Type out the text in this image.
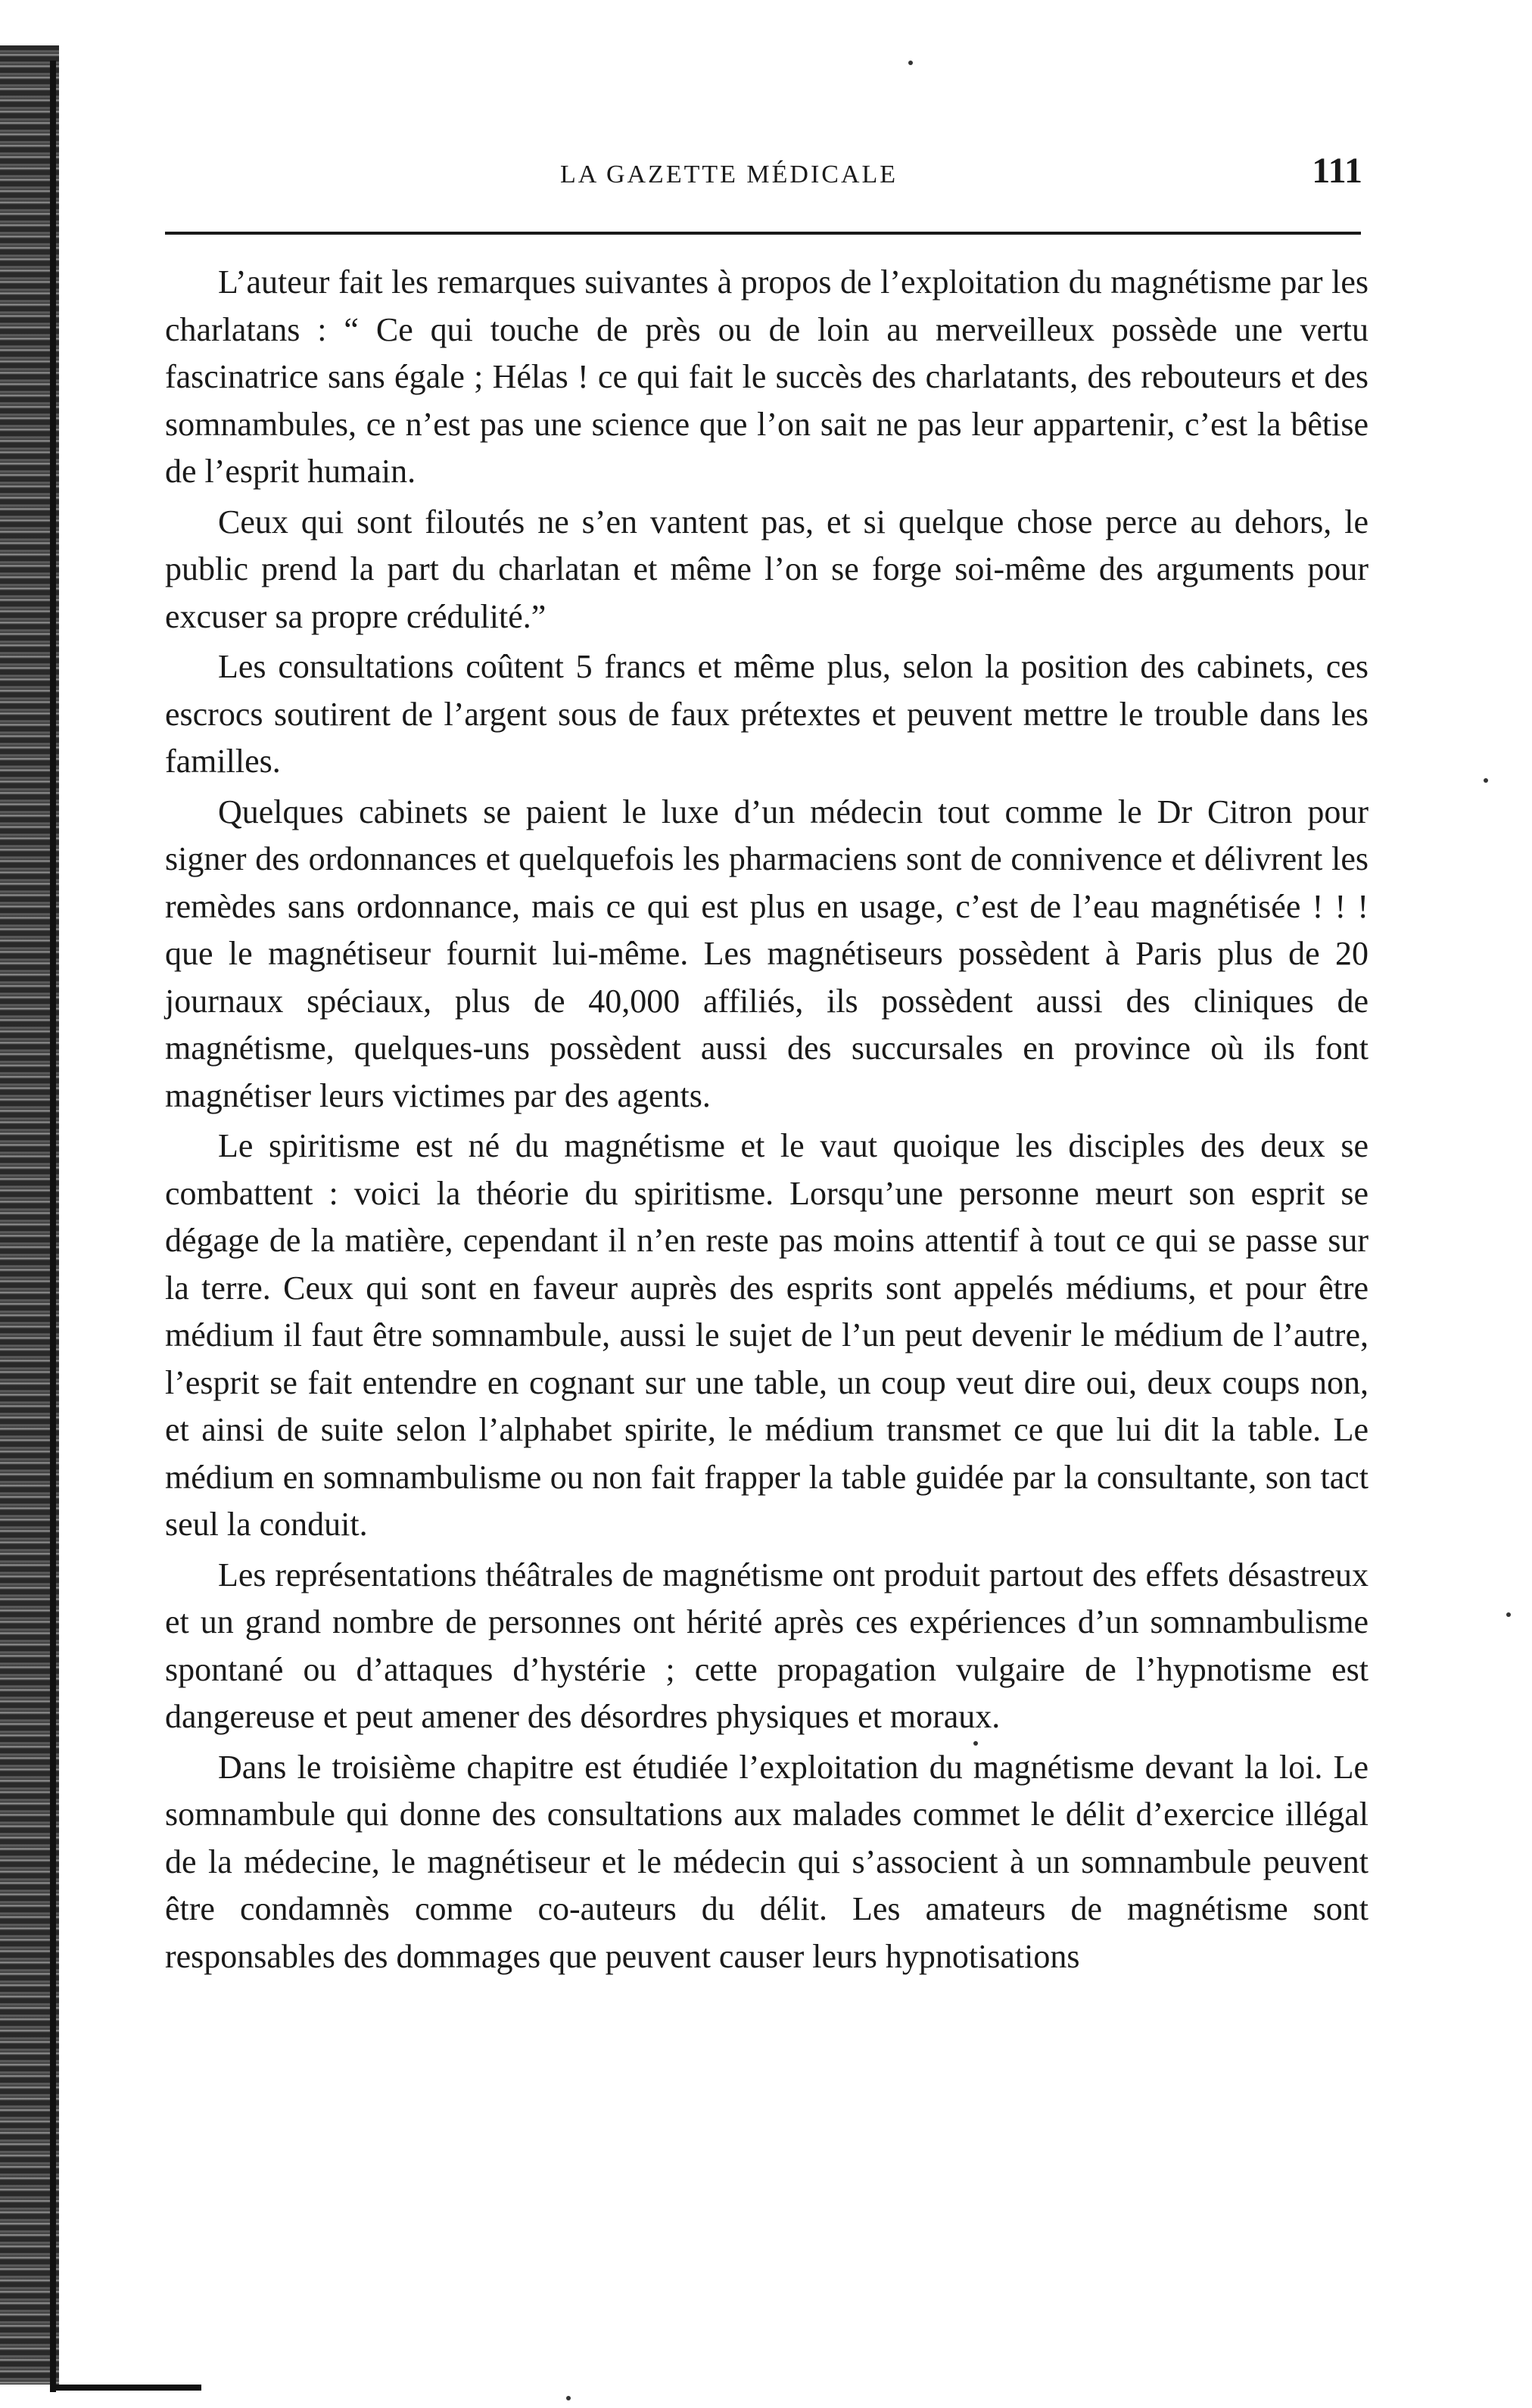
LA GAZETTE MÉDICALE	111

L’auteur fait les remarques suivantes à propos de l’exploitation du magnétisme par les charlatans : “ Ce qui touche de près ou de loin au merveilleux possède une vertu fascinatrice sans égale ; Hélas ! ce qui fait le succès des charlatants, des rebouteurs et des somnambules, ce n’est pas une science que l’on sait ne pas leur appartenir, c’est la bêtise de l’esprit humain.

Ceux qui sont filoutés ne s’en vantent pas, et si quelque chose perce au dehors, le public prend la part du charlatan et même l’on se forge soi-même des arguments pour excuser sa propre crédulité.”

Les consultations coûtent 5 francs et même plus, selon la position des cabinets, ces escrocs soutirent de l’argent sous de faux prétextes et peuvent mettre le trouble dans les familles.

Quelques cabinets se paient le luxe d’un médecin tout comme le Dr Citron pour signer des ordonnances et quelquefois les pharmaciens sont de connivence et délivrent les remèdes sans ordonnance, mais ce qui est plus en usage, c’est de l’eau magnétisée ! ! ! que le magnétiseur fournit lui-même. Les magnétiseurs possèdent à Paris plus de 20 journaux spéciaux, plus de 40,000 affiliés, ils possèdent aussi des cliniques de magnétisme, quelques-uns possèdent aussi des succursales en province où ils font magnétiser leurs victimes par des agents.

Le spiritisme est né du magnétisme et le vaut quoique les disciples des deux se combattent : voici la théorie du spiritisme. Lorsqu’une personne meurt son esprit se dégage de la matière, cependant il n’en reste pas moins attentif à tout ce qui se passe sur la terre. Ceux qui sont en faveur auprès des esprits sont appelés médiums, et pour être médium il faut être somnambule, aussi le sujet de l’un peut devenir le médium de l’autre, l’esprit se fait entendre en cognant sur une table, un coup veut dire oui, deux coups non, et ainsi de suite selon l’alphabet spirite, le médium transmet ce que lui dit la table. Le médium en somnambulisme ou non fait frapper la table guidée par la consultante, son tact seul la conduit.

Les représentations théâtrales de magnétisme ont produit partout des effets désastreux et un grand nombre de personnes ont hérité après ces expériences d’un somnambulisme spontané ou d’attaques d’hystérie ; cette propagation vulgaire de l’hypnotisme est dangereuse et peut amener des désordres physiques et moraux.

Dans le troisième chapitre est étudiée l’exploitation du magnétisme devant la loi. Le somnambule qui donne des consultations aux malades commet le délit d’exercice illégal de la médecine, le magnétiseur et le médecin qui s’associent à un somnambule peuvent être condamnès comme co-auteurs du délit. Les amateurs de magnétisme sont responsables des dommages que peuvent causer leurs hypnotisations
